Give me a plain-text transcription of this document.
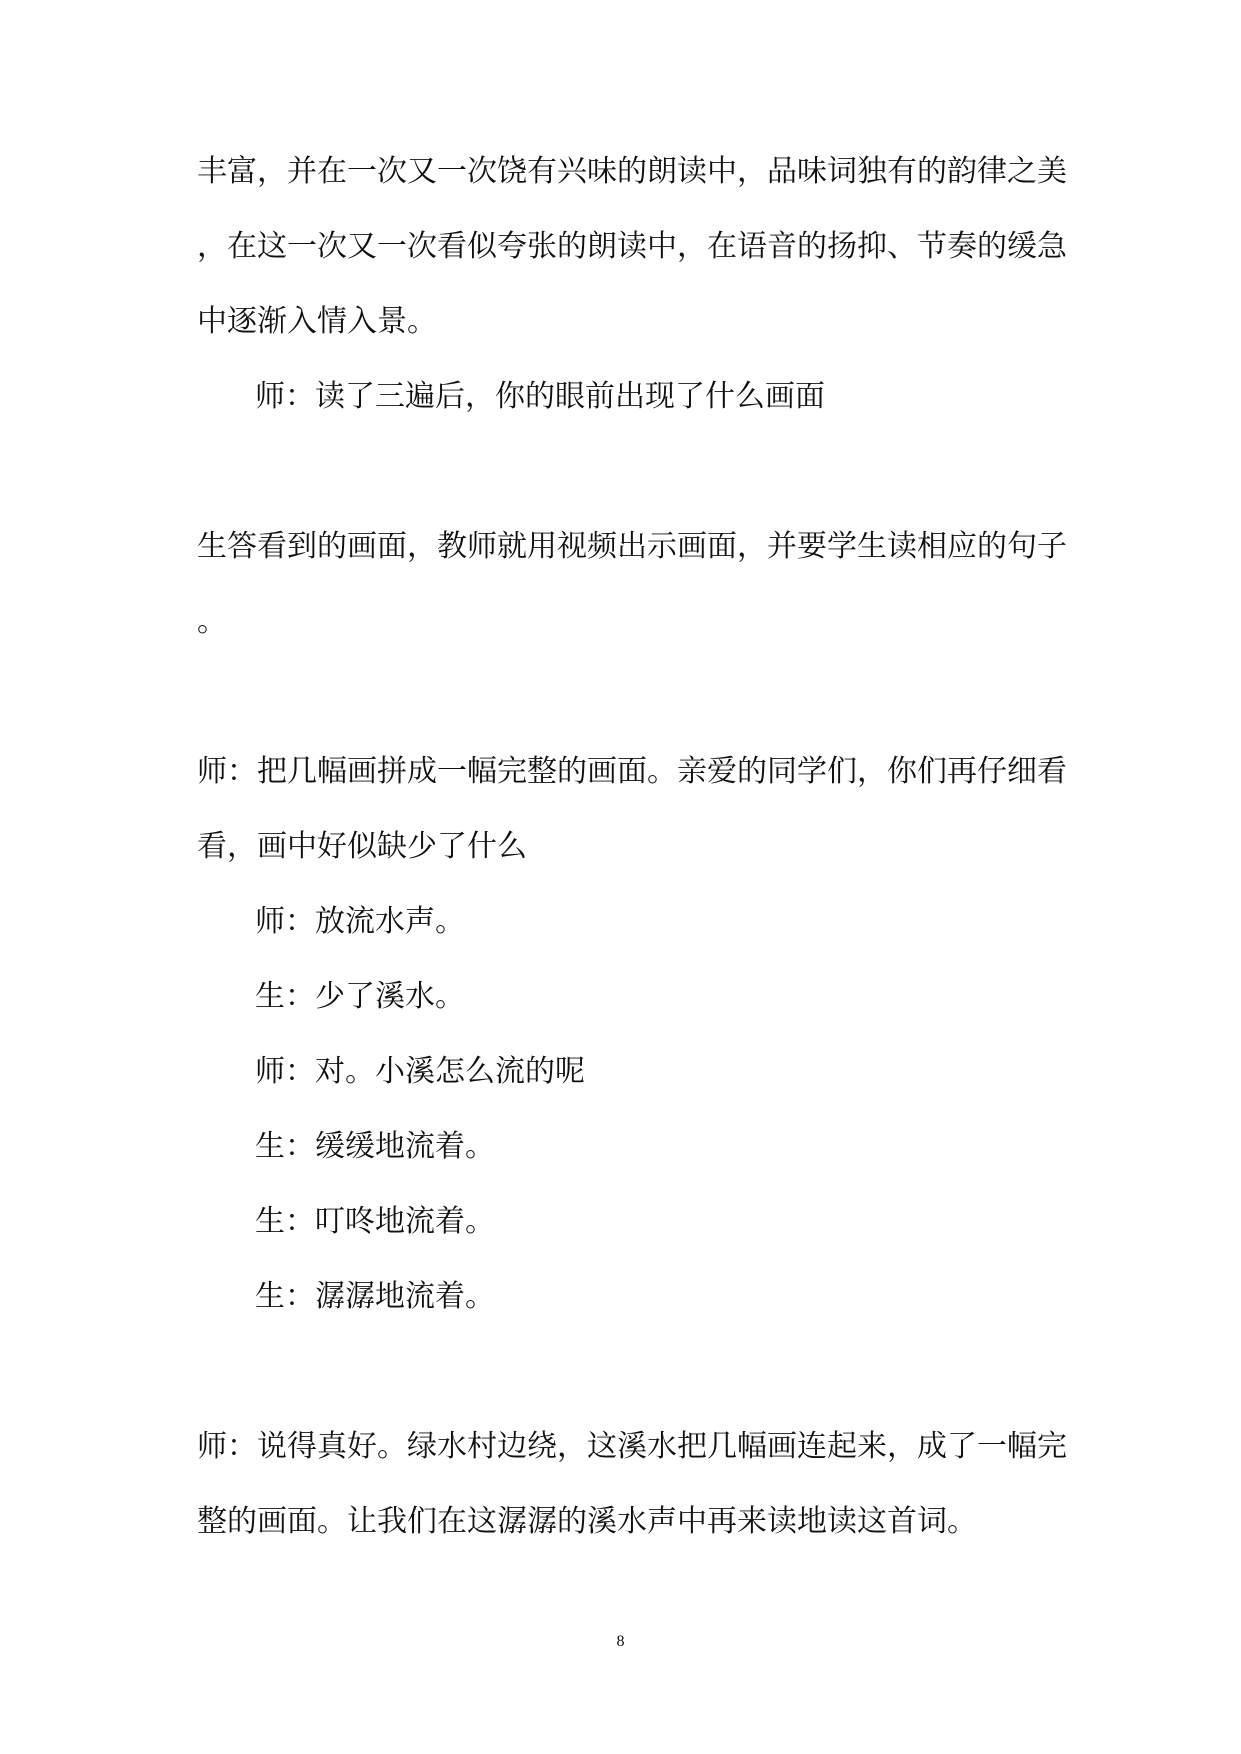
丰富，并在一次又一次饶有兴味的朗读中，品味词独有的韵律之美
，在这一次又一次看似夸张的朗读中，在语音的扬抑、节奏的缓急
中逐渐入情入景。
师：读了三遍后，你的眼前出现了什么画面
生答看到的画面，教师就用视频出示画面，并要学生读相应的句子
。
师：把几幅画拼成一幅完整的画面。亲爱的同学们，你们再仔细看
看，画中好似缺少了什么
师：放流水声。
生：少了溪水。
师：对。小溪怎么流的呢
生：缓缓地流着。
生：叮咚地流着。
生：潺潺地流着。
师：说得真好。绿水村边绕，这溪水把几幅画连起来，成了一幅完
整的画面。让我们在这潺潺的溪水声中再来读地读这首词。
8
